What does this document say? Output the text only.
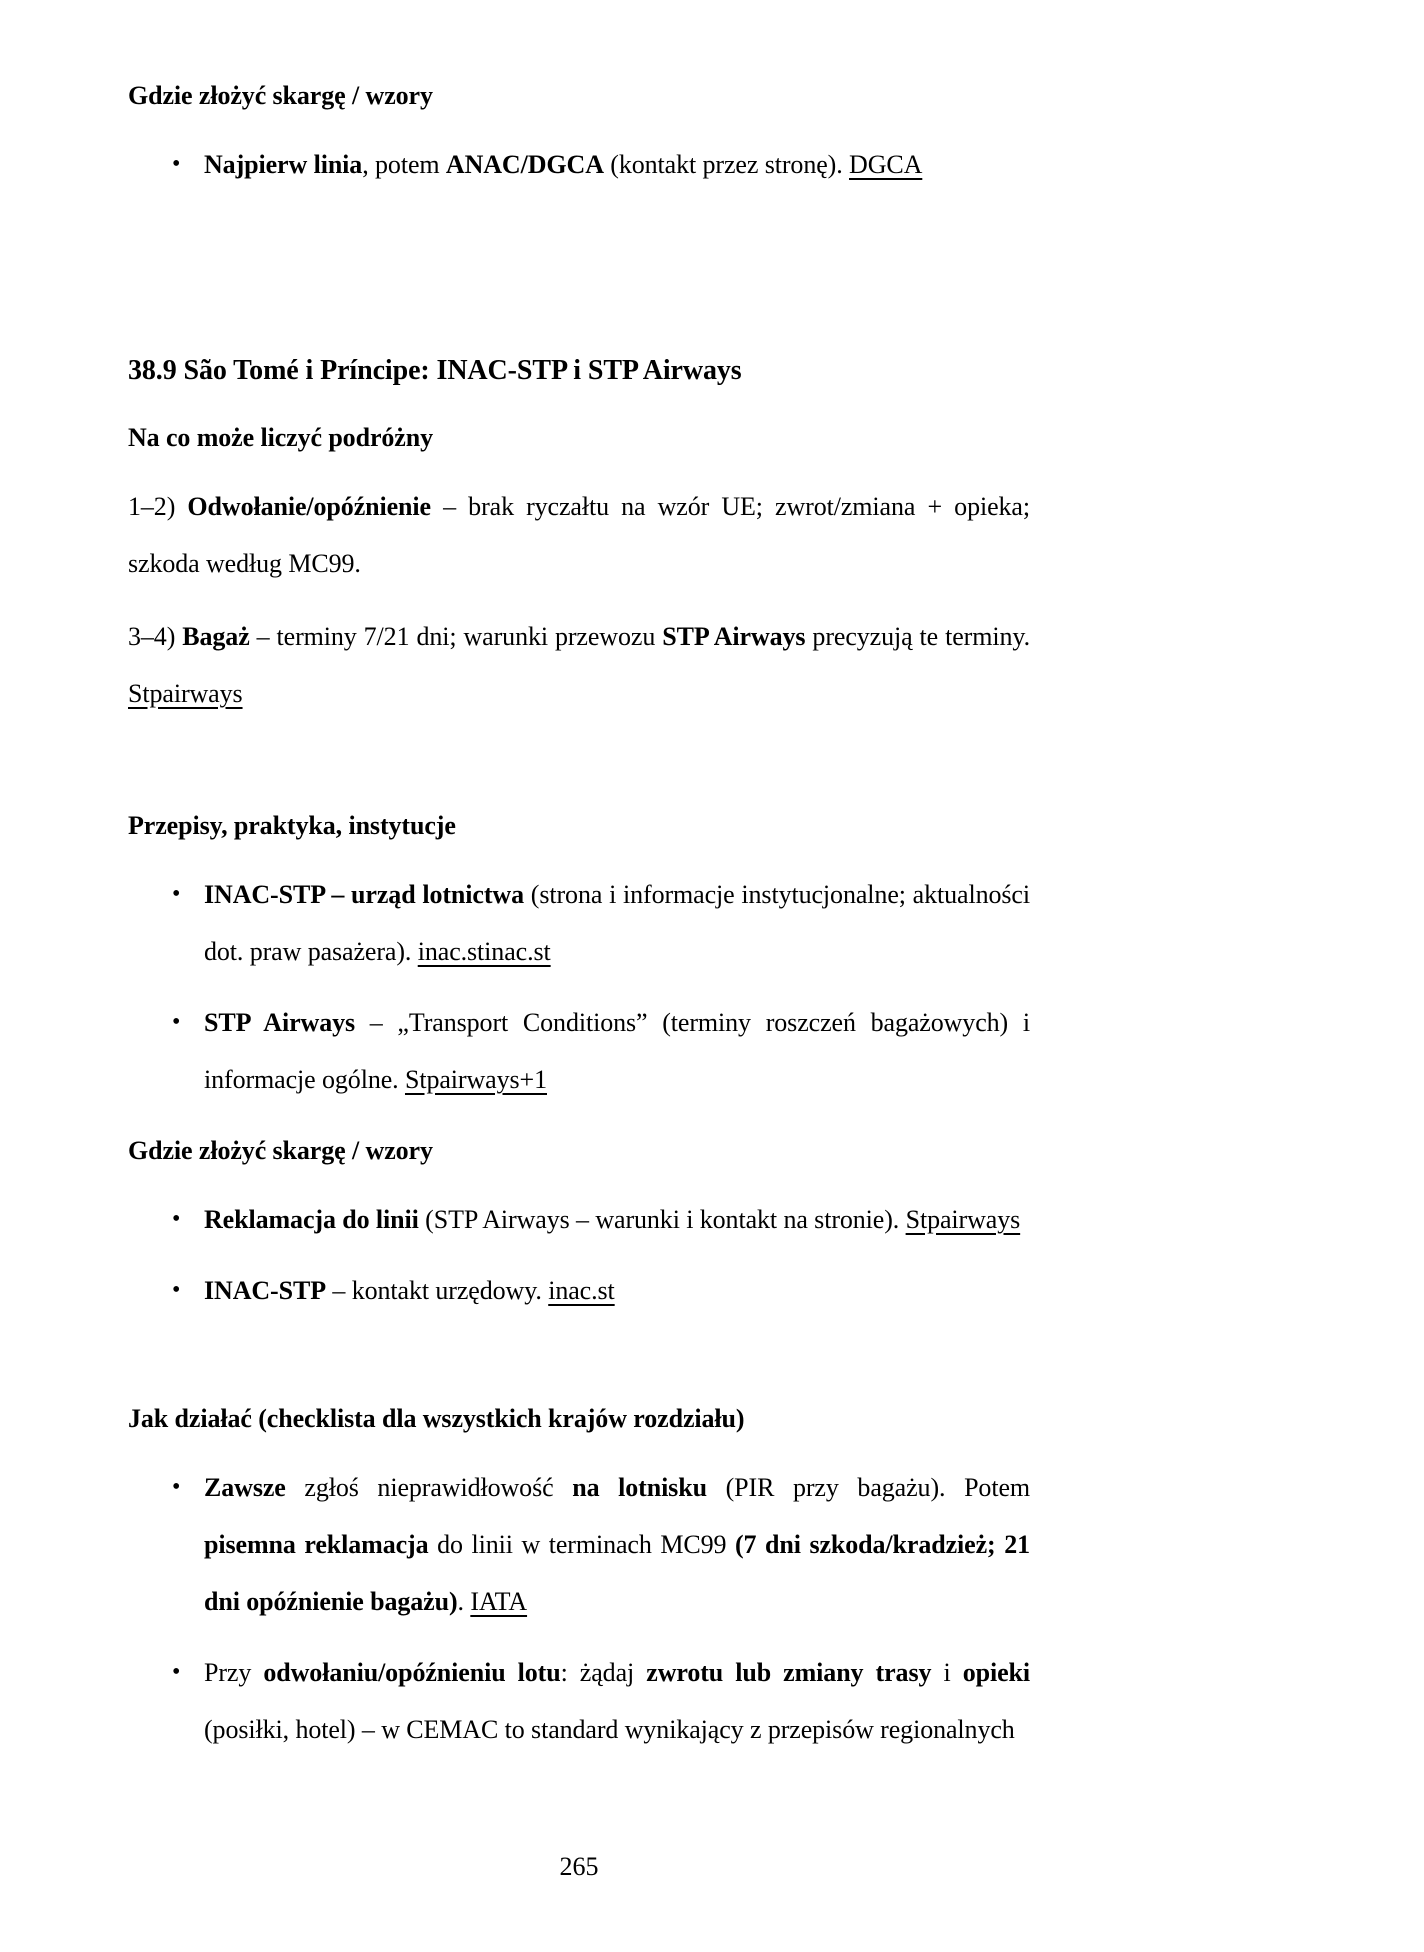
Gdzie złożyć skargę / wzory
• Najpierw linia, potem ANAC/DGCA (kontakt przez stronę). DGCA
38.9 São Tomé i Príncipe: INAC-STP i STP Airways
Na co może liczyć podróżny
1–2) Odwołanie/opóźnienie – brak ryczałtu na wzór UE; zwrot/zmiana + opieka; szkoda według MC99.
3–4) Bagaż – terminy 7/21 dni; warunki przewozu STP Airways precyzują te terminy. Stpairways
Przepisy, praktyka, instytucje
• INAC-STP – urząd lotnictwa (strona i informacje instytucjonalne; aktualności dot. praw pasażera). inac.stinac.st
• STP Airways – „Transport Conditions” (terminy roszczeń bagażowych) i informacje ogólne. Stpairways+1
Gdzie złożyć skargę / wzory
• Reklamacja do linii (STP Airways – warunki i kontakt na stronie). Stpairways
• INAC-STP – kontakt urzędowy. inac.st
Jak działać (checklista dla wszystkich krajów rozdziału)
• Zawsze zgłoś nieprawidłowość na lotnisku (PIR przy bagażu). Potem pisemna reklamacja do linii w terminach MC99 (7 dni szkoda/kradzież; 21 dni opóźnienie bagażu). IATA
• Przy odwołaniu/opóźnieniu lotu: żądaj zwrotu lub zmiany trasy i opieki (posiłki, hotel) – w CEMAC to standard wynikający z przepisów regionalnych
265
